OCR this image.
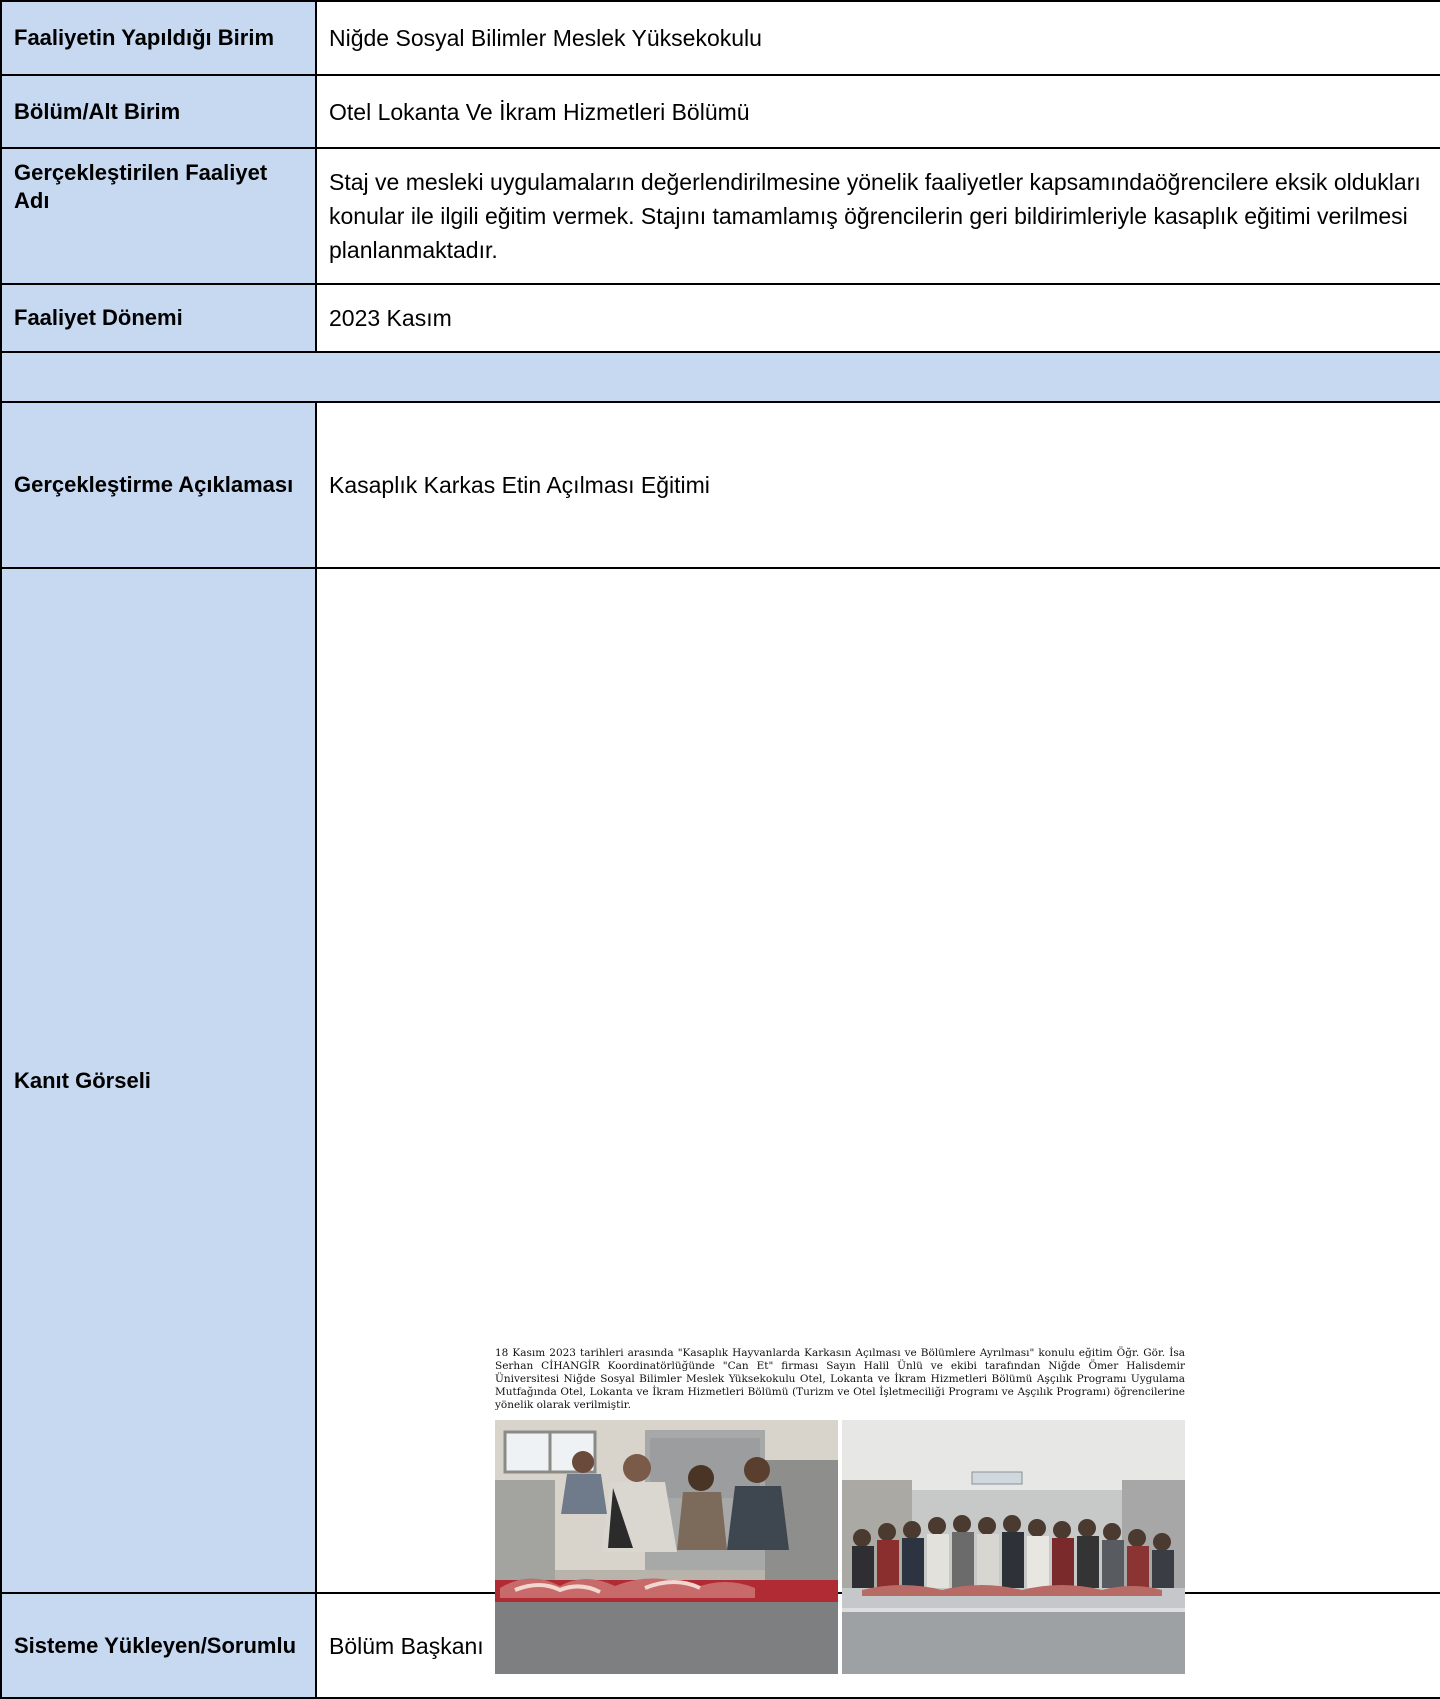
Faaliyetin Yapıldığı Birim	Niğde Sosyal Bilimler Meslek Yüksekokulu
Bölüm/Alt Birim	Otel Lokanta Ve İkram Hizmetleri Bölümü
Gerçekleştirilen Faaliyet Adı	Staj ve mesleki uygulamaların değerlendirilmesine yönelik faaliyetler kapsamındaöğrencilere eksik oldukları konular ile ilgili eğitim vermek. Stajını tamamlamış öğrencilerin geri bildirimleriyle kasaplık eğitimi verilmesi planlanmaktadır.
Faaliyet Dönemi	2023 Kasım

Gerçekleştirme Açıklaması	Kasaplık Karkas Etin Açılması Eğitimi
Kanıt Görseli	18 Kasım 2023 tarihleri arasında "Kasaplık Hayvanlarda Karkasın Açılması ve Bölümlere Ayrılması" konulu eğitim Öğr. Gör. İsa Serhan CİHANGİR Koordinatörlüğünde "Can Et" firması Sayın Halil Ünlü ve ekibi tarafından Niğde Ömer Halisdemir Üniversitesi Niğde Sosyal Bilimler Meslek Yüksekokulu Otel, Lokanta ve İkram Hizmetleri Bölümü Aşçılık Programı Uygulama Mutfağında Otel, Lokanta ve İkram Hizmetleri Bölümü (Turizm ve Otel İşletmeciliği Programı ve Aşçılık Programı) öğrencilerine yönelik olarak verilmiştir.

Sisteme Yükleyen/Sorumlu	Bölüm Başkanı
